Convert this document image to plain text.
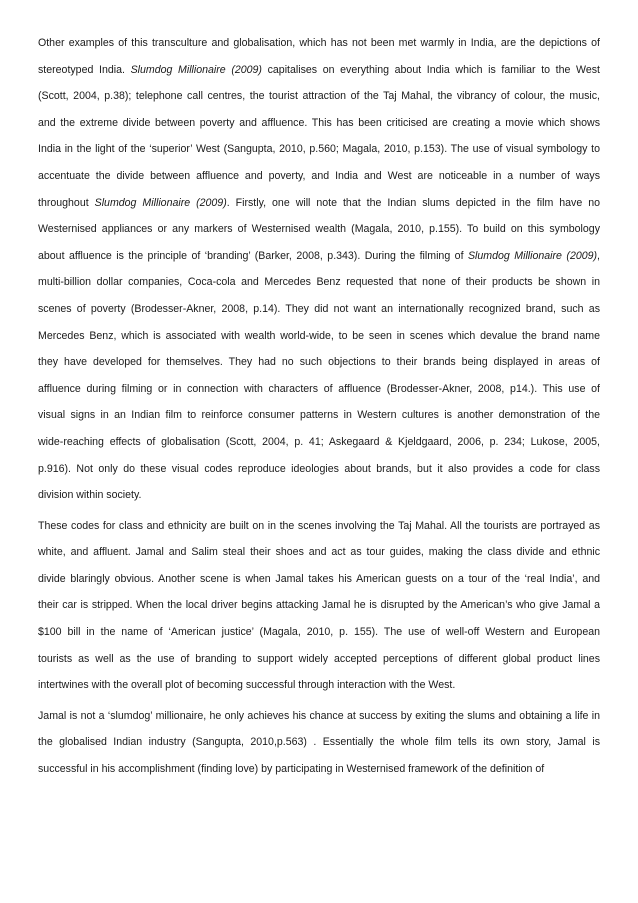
Other examples of this transculture and globalisation, which has not been met warmly in India, are the depictions of
stereotyped India. Slumdog Millionaire (2009) capitalises on everything about India which is familiar to the West
(Scott, 2004, p.38); telephone call centres, the tourist attraction of the Taj Mahal, the vibrancy of colour, the music,
and the extreme divide between poverty and affluence. This has been criticised are creating a movie which shows
India in the light of the ‘superior’ West (Sangupta, 2010, p.560; Magala, 2010, p.153). The use of visual symbology to
accentuate the divide between affluence and poverty, and India and West are noticeable in a number of ways
throughout Slumdog Millionaire (2009). Firstly, one will note that the Indian slums depicted in the film have no
Westernised appliances or any markers of Westernised wealth (Magala, 2010, p.155). To build on this symbology
about affluence is the principle of ‘branding’ (Barker, 2008, p.343). During the filming of Slumdog Millionaire (2009),
multi-billion dollar companies, Coca-cola and Mercedes Benz requested that none of their products be shown in
scenes of poverty (Brodesser-Akner, 2008, p.14). They did not want an internationally recognized brand, such as
Mercedes Benz, which is associated with wealth world-wide, to be seen in scenes which devalue the brand name
they have developed for themselves. They had no such objections to their brands being displayed in areas of
affluence during filming or in connection with characters of affluence (Brodesser-Akner, 2008, p14.). This use of
visual signs in an Indian film to reinforce consumer patterns in Western cultures is another demonstration of the
wide-reaching effects of globalisation (Scott, 2004, p. 41; Askegaard & Kjeldgaard, 2006, p. 234; Lukose, 2005,
p.916). Not only do these visual codes reproduce ideologies about brands, but it also provides a code for class
division within society.
These codes for class and ethnicity are built on in the scenes involving the Taj Mahal. All the tourists are portrayed as
white, and affluent. Jamal and Salim steal their shoes and act as tour guides, making the class divide and ethnic
divide blaringly obvious. Another scene is when Jamal takes his American guests on a tour of the ‘real India’, and
their car is stripped. When the local driver begins attacking Jamal he is disrupted by the American’s who give Jamal a
$100 bill in the name of ‘American justice’ (Magala, 2010, p. 155). The use of well-off Western and European
tourists as well as the use of branding to support widely accepted perceptions of different global product lines
intertwines with the overall plot of becoming successful through interaction with the West.
Jamal is not a ‘slumdog’ millionaire, he only achieves his chance at success by exiting the slums and obtaining a life in
the globalised Indian industry (Sangupta, 2010,p.563) . Essentially the whole film tells its own story, Jamal is
successful in his accomplishment (finding love) by participating in Westernised framework of the definition of
